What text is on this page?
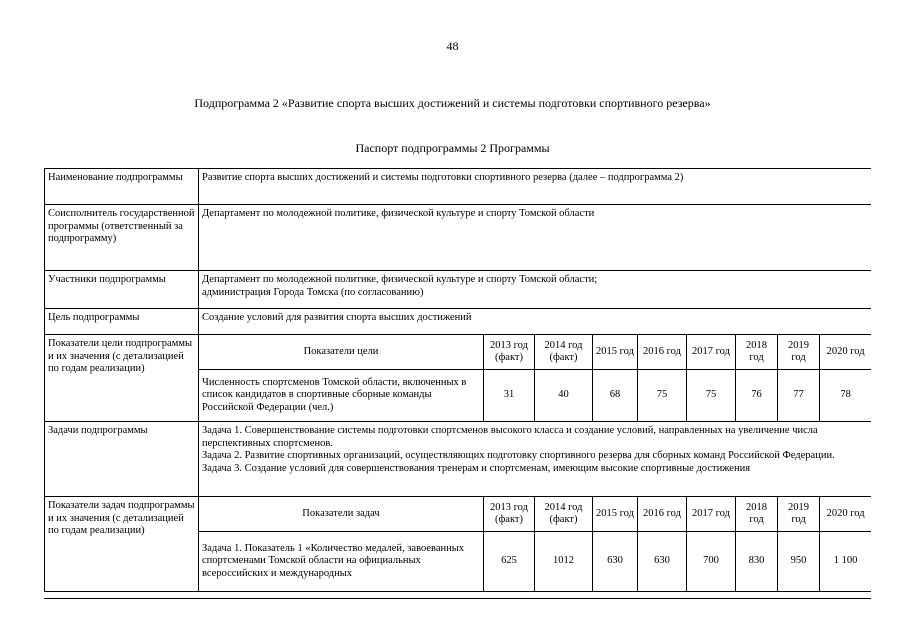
48
Подпрограмма 2 «Развитие спорта высших достижений и системы подготовки спортивного резерва»
Паспорт подпрограммы 2 Программы
Наименование подпрограммы	Развитие спорта высших достижений и системы подготовки спортивного резерва (далее – подпрограмма 2)								
Соисполнитель государственной программы (ответственный за подпрограмму)	Департамент по молодежной политике, физической культуре и спорту Томской области								
Участники подпрограммы	Департамент по молодежной политике, физической культуре и спорту Томской области;
администрация Города Томска (по согласованию)								

Цель подпрограммы	Создание условий для развития спорта высших достижений								
Показатели цели подпрограммы и их значения (с детализацией по годам реализации)	Показатели цели	2013 год (факт)	2014 год (факт)	2015 год	2016 год	2017 год	2018 год	2019 год	2020 год
	Численность спортсменов Томской области, включенных в список кандидатов в спортивные сборные команды Российской Федерации (чел.)	31	40	68	75	75	76	77	78
Задачи подпрограммы	Задача 1. Совершенствование системы подготовки спортсменов высокого класса и создание условий, направленных на увеличение числа перспективных спортсменов.
Задача 2. Развитие спортивных организаций, осуществляющих подготовку спортивного резерва для сборных команд Российской Федерации.
Задача 3. Создание условий для совершенствования тренерам и спортсменам, имеющим высокие спортивные достижения								

Показатели задач подпрограммы и их значения (с детализацией по годам реализации)	Показатели задач	2013 год (факт)	2014 год (факт)	2015 год	2016 год	2017 год	2018 год	2019 год	2020 год
	Задача 1. Показатель 1 «Количество медалей, завоеванных спортсменами Томской области на официальных всероссийских и международных	625	1012	630	630	700	830	950	1 100
